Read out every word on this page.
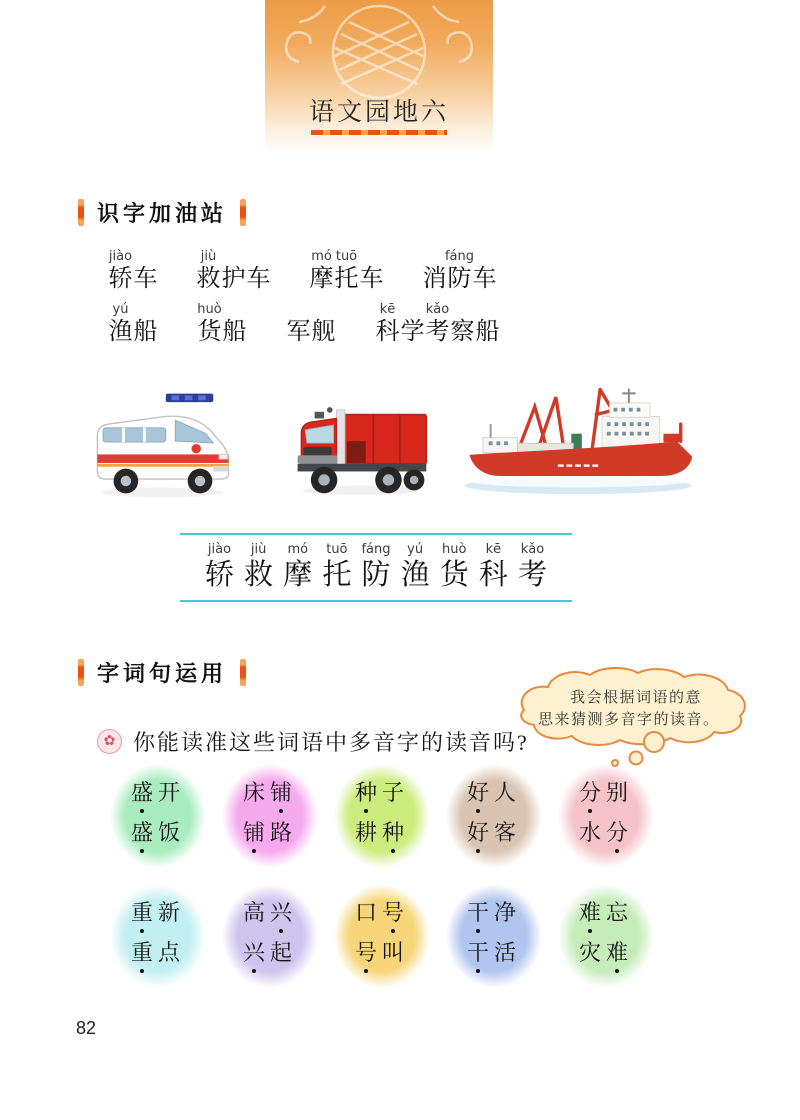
语文园地六
识字加油站
jiào
轿 车
jiù
救 护 车
mó
摩
tuō
托 车 消
fáng
防 车
yú
渔 船
huò
货 船 军 舰
kē
科 学
kǎo
考 察 船
jiào
轿
jiù
救
mó
摩
tuō
托
fáng
防
yú
渔
huò
货
kē
科
kǎo
考
字词句运用
我会根据词语的意
思来猜测多音字的读音。
✿ 你能读准这些词语中多音字的读音吗?
盛开
盛饭
床铺
铺路
种子
耕种
好人
好客
分别
水分
重新
重点
高兴
兴起
口号
号叫
干净
干活
难忘
灾难
82
